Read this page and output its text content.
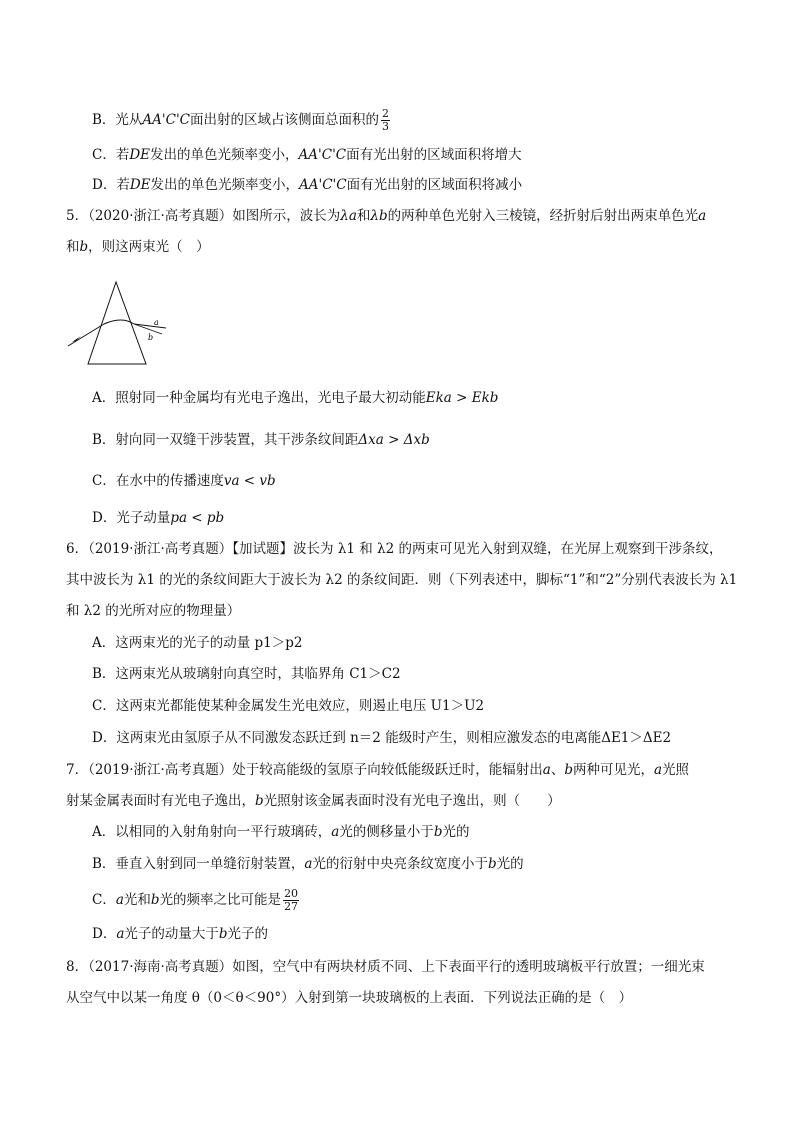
B．光从AA'C'C面出射的区域占该侧面总面积的 $\frac{2}{3}$
C．若DE发出的单色光频率变小，AA'C'C面有光出射的区域面积将增大
D．若DE发出的单色光频率变小，AA'C'C面有光出射的区域面积将减小
5．（2020·浙江·高考真题）如图所示，波长为λa和λb的两种单色光射入三棱镜，经折射后射出两束单色光a
和b，则这两束光（　）
a
b
A．照射同一种金属均有光电子逸出，光电子最大初动能Eka > Ekb
B．射向同一双缝干涉装置，其干涉条纹间距Δxa > Δxb
C．在水中的传播速度va < vb
D．光子动量pa < pb
6．（2019·浙江·高考真题）【加试题】波长为 λ1 和 λ2 的两束可见光入射到双缝，在光屏上观察到干涉条纹，
其中波长为 λ1 的光的条纹间距大于波长为 λ2 的条纹间距．则（下列表述中，脚标“1”和“2”分别代表波长为 λ1
和 λ2 的光所对应的物理量）
A．这两束光的光子的动量 p1＞p2
B．这两束光从玻璃射向真空时，其临界角 C1＞C2
C．这两束光都能使某种金属发生光电效应，则遏止电压 U1＞U2
D．这两束光由氢原子从不同激发态跃迁到 n＝2 能级时产生，则相应激发态的电离能ΔE1＞ΔE2
7．（2019·浙江·高考真题）处于较高能级的氢原子向较低能级跃迁时，能辐射出a、b两种可见光，a光照
射某金属表面时有光电子逸出，b光照射该金属表面时没有光电子逸出，则（　　）
A．以相同的入射角射向一平行玻璃砖，a光的侧移量小于b光的
B．垂直入射到同一单缝衍射装置，a光的衍射中央亮条纹宽度小于b光的
C．a光和b光的频率之比可能是 $\frac{20}{27}$
D．a光子的动量大于b光子的
8．（2017·海南·高考真题）如图，空气中有两块材质不同、上下表面平行的透明玻璃板平行放置；一细光束
从空气中以某一角度 θ（0＜θ＜90°）入射到第一块玻璃板的上表面．下列说法正确的是（　）
